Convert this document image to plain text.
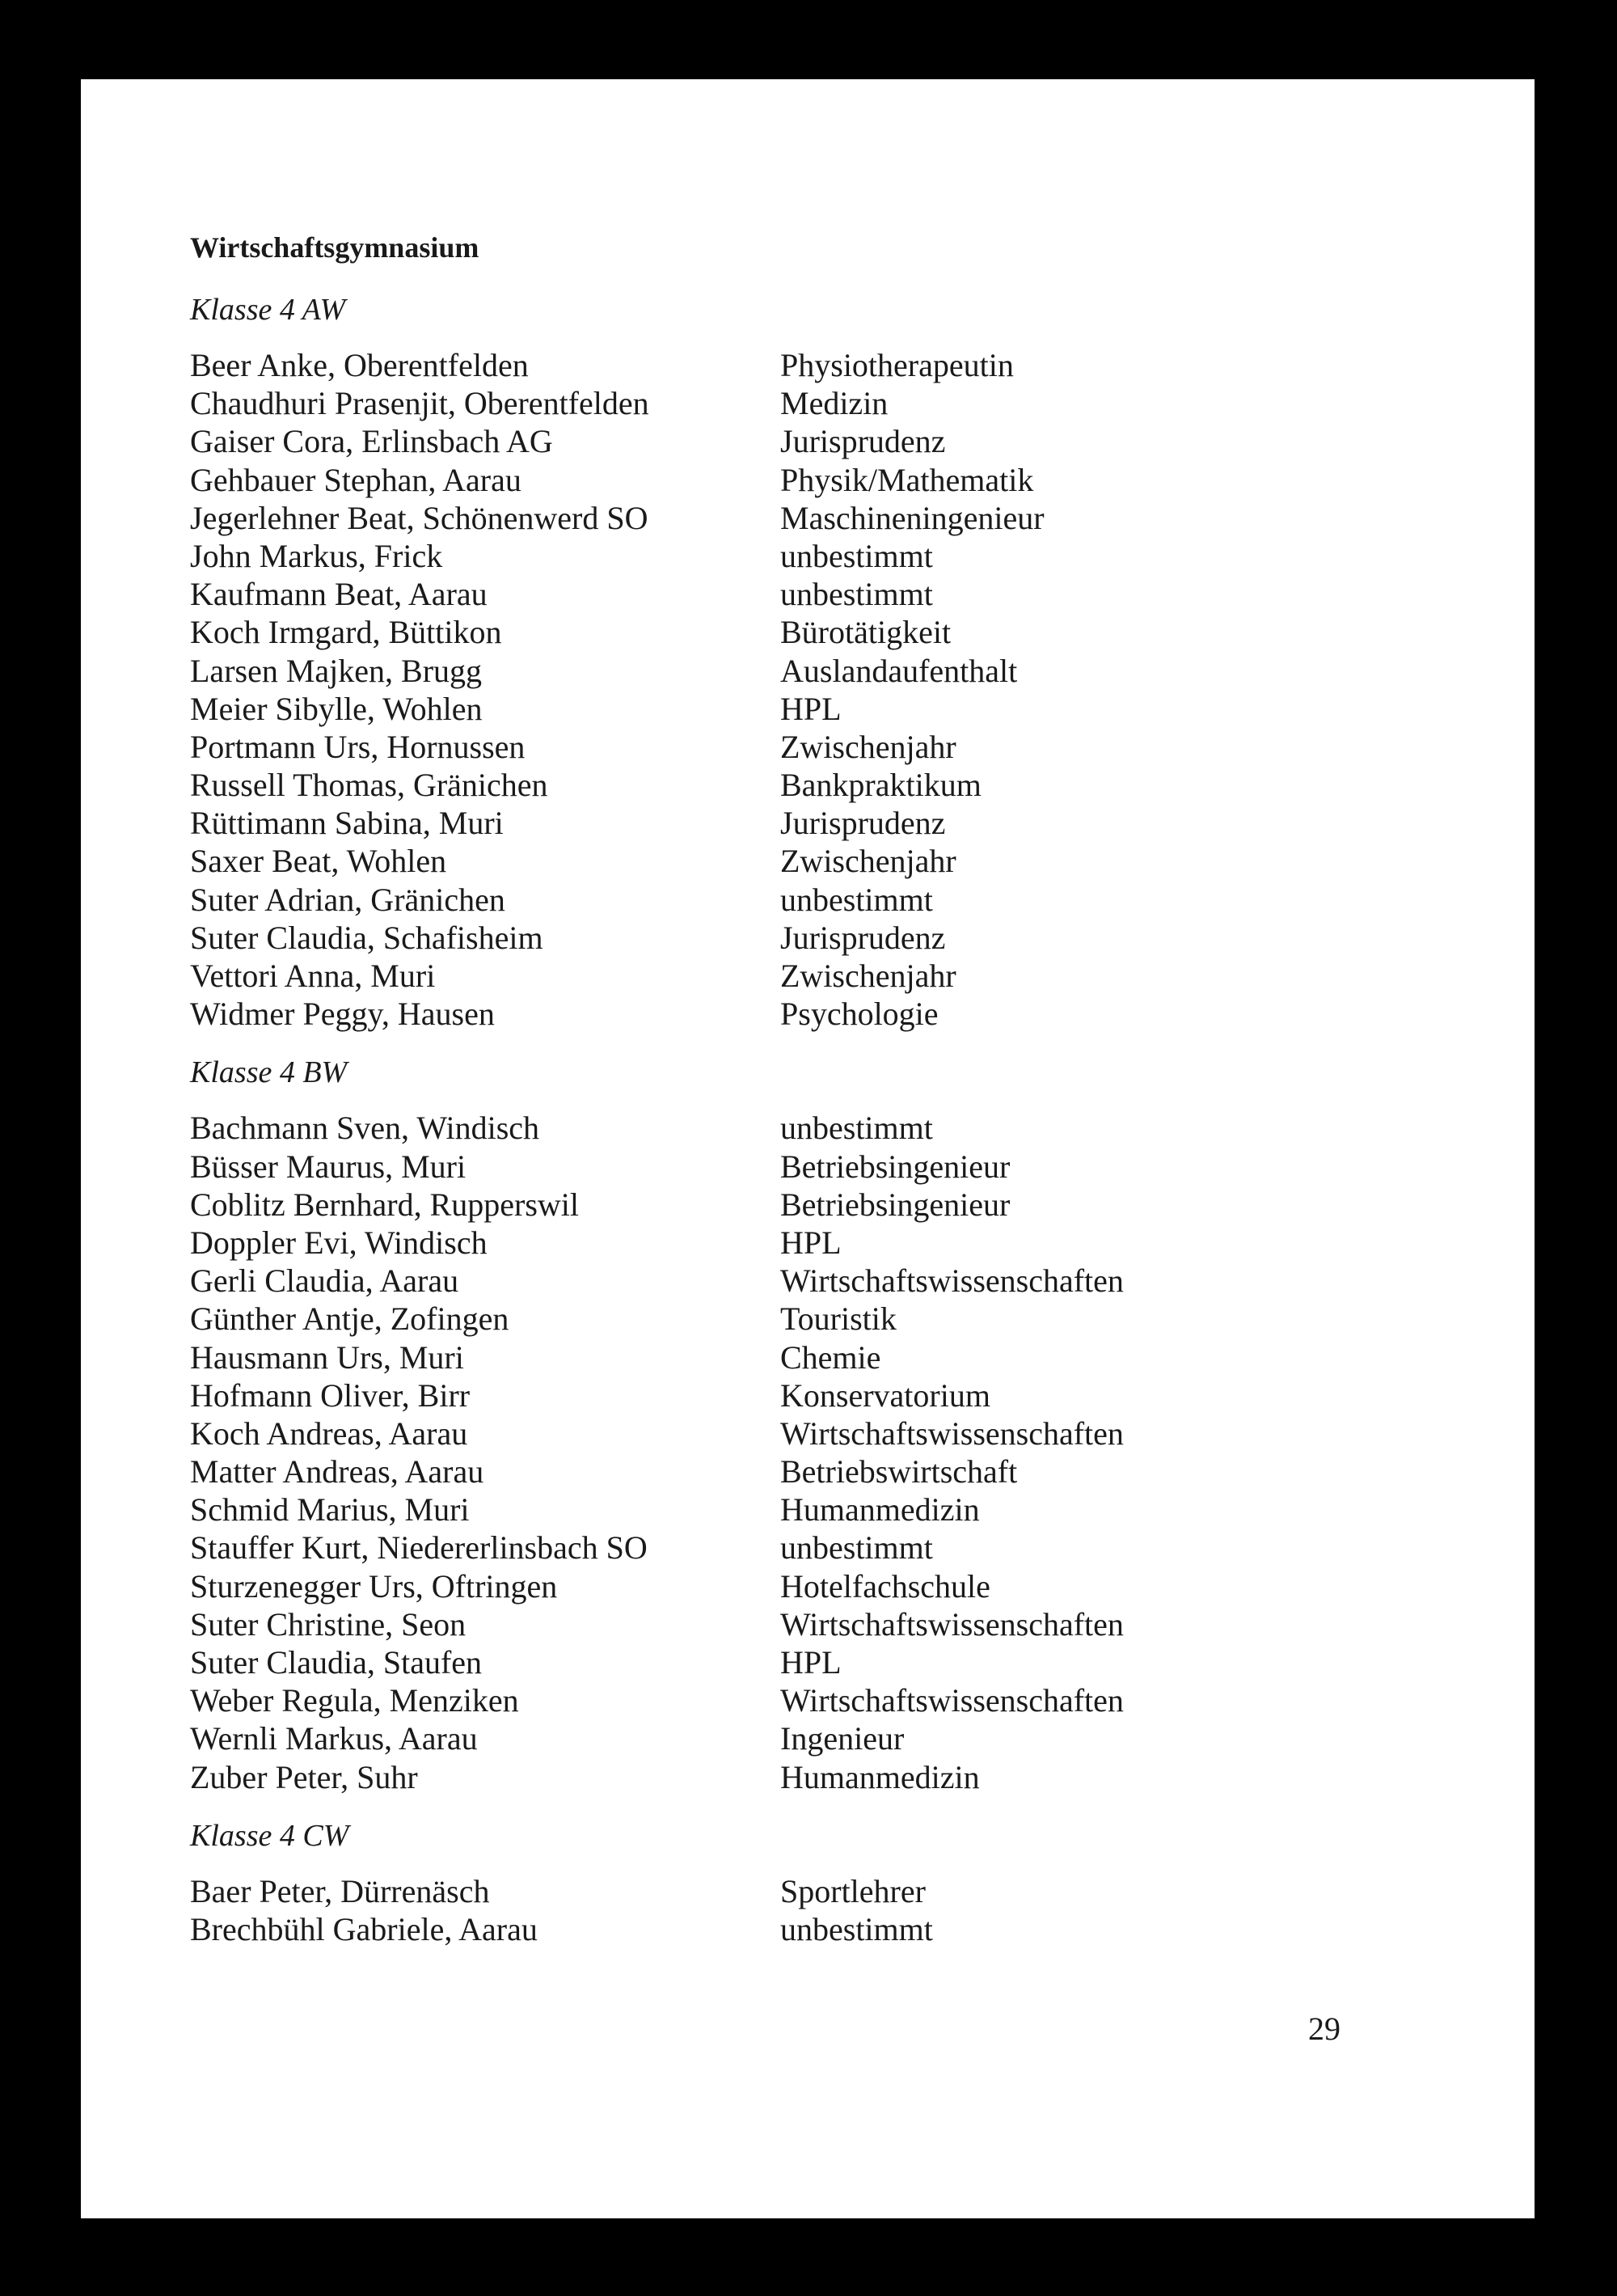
Wirtschaftsgymnasium
Klasse 4 AW
Beer Anke, Oberentfelden	Physiotherapeutin
Chaudhuri Prasenjit, Oberentfelden	Medizin
Gaiser Cora, Erlinsbach AG	Jurisprudenz
Gehbauer Stephan, Aarau	Physik/Mathematik
Jegerlehner Beat, Schönenwerd SO	Maschineningenieur
John Markus, Frick	unbestimmt
Kaufmann Beat, Aarau	unbestimmt
Koch Irmgard, Büttikon	Bürotätigkeit
Larsen Majken, Brugg	Auslandaufenthalt
Meier Sibylle, Wohlen	HPL
Portmann Urs, Hornussen	Zwischenjahr
Russell Thomas, Gränichen	Bankpraktikum
Rüttimann Sabina, Muri	Jurisprudenz
Saxer Beat, Wohlen	Zwischenjahr
Suter Adrian, Gränichen	unbestimmt
Suter Claudia, Schafisheim	Jurisprudenz
Vettori Anna, Muri	Zwischenjahr
Widmer Peggy, Hausen	Psychologie
Klasse 4 BW
Bachmann Sven, Windisch	unbestimmt
Büsser Maurus, Muri	Betriebsingenieur
Coblitz Bernhard, Rupperswil	Betriebsingenieur
Doppler Evi, Windisch	HPL
Gerli Claudia, Aarau	Wirtschaftswissenschaften
Günther Antje, Zofingen	Touristik
Hausmann Urs, Muri	Chemie
Hofmann Oliver, Birr	Konservatorium
Koch Andreas, Aarau	Wirtschaftswissenschaften
Matter Andreas, Aarau	Betriebswirtschaft
Schmid Marius, Muri	Humanmedizin
Stauffer Kurt, Niedererlinsbach SO	unbestimmt
Sturzenegger Urs, Oftringen	Hotelfachschule
Suter Christine, Seon	Wirtschaftswissenschaften
Suter Claudia, Staufen	HPL
Weber Regula, Menziken	Wirtschaftswissenschaften
Wernli Markus, Aarau	Ingenieur
Zuber Peter, Suhr	Humanmedizin
Klasse 4 CW
Baer Peter, Dürrenäsch	Sportlehrer
Brechbühl Gabriele, Aarau	unbestimmt
29
